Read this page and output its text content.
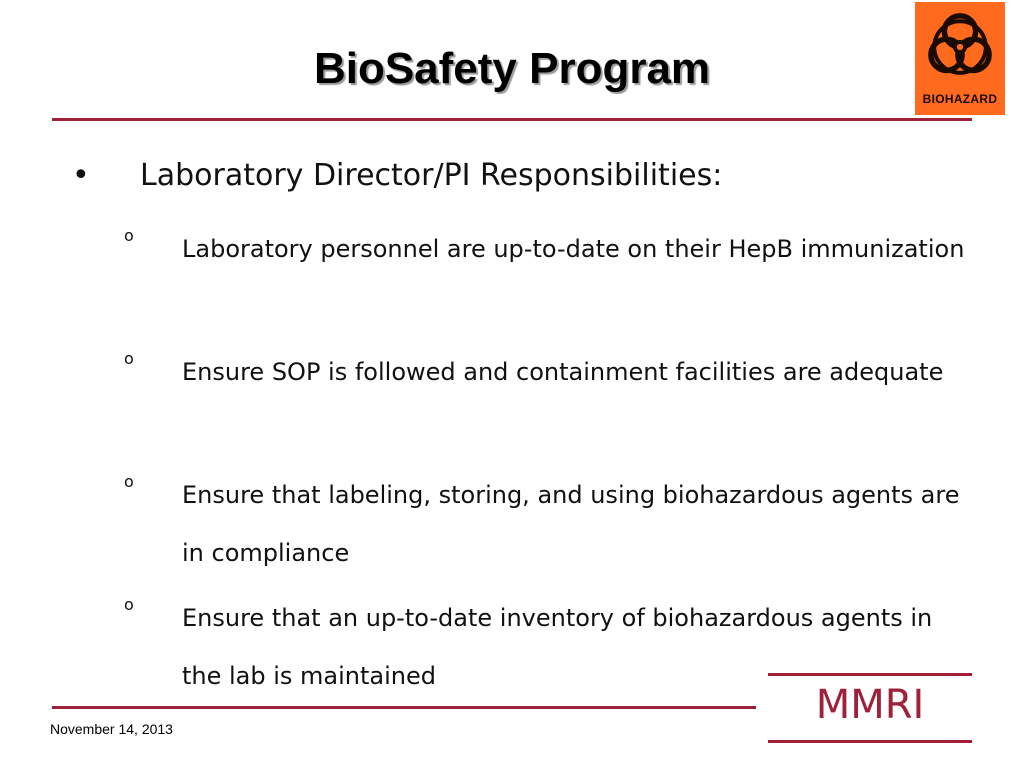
BioSafety Program
BIOHAZARD
• Laboratory Director/PI Responsibilities:
o Laboratory personnel are up-to-date on their HepB immunization
o Ensure SOP is followed and containment facilities are adequate
o Ensure that labeling, storing, and using biohazardous agents are in compliance
o Ensure that an up-to-date inventory of biohazardous agents in the lab is maintained
November 14, 2013
MMRI
